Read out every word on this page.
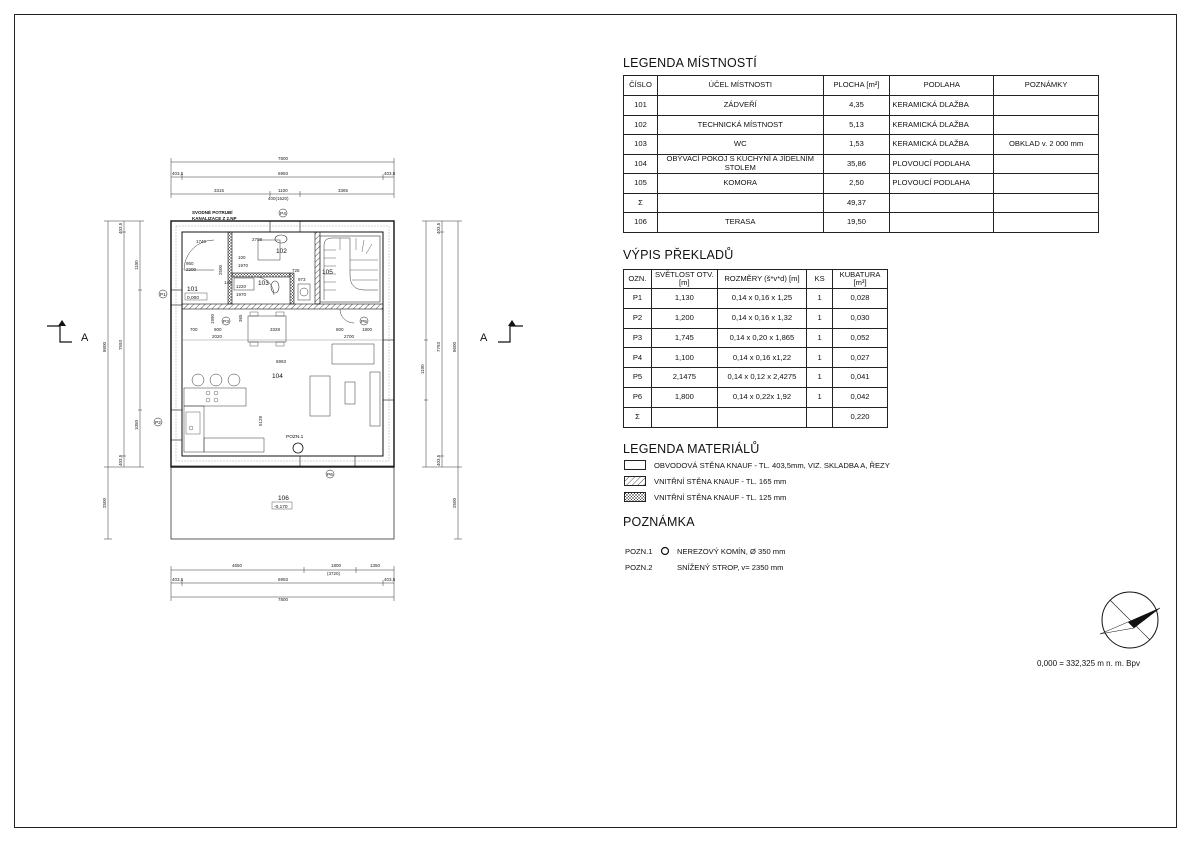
A	A
7800
403,5	6993	403,5
3315	1100	3365
400(1520)
4650	1800	1350
403,5	6993	403,5
7800
(3720)
8600
403,5
1100
7593
1050
403,5
2500
403,5
8600
1100
7793
403,5
2500
950
2200
1740	2798
100
1970
2500
140
1220
1970
725
973
700	900
2020
3328	800
2700
6993
5128
1800
1990	365
101
102
103
104
105
106
0,000
-0,170
SVODNÉ POTRUBÍ
KANALIZACE Z 2.NP
POZN.1
P1
P2
P3
P4
P5
P6
LEGENDA MÍSTNOSTÍ
ČÍSLO	ÚČEL MÍSTNOSTI	PLOCHA [m²]	PODLAHA	POZNÁMKY
101	ZÁDVEŘÍ	4,35	KERAMICKÁ DLAŽBA	
102	TECHNICKÁ MÍSTNOST	5,13	KERAMICKÁ DLAŽBA	
103	WC	1,53	KERAMICKÁ DLAŽBA	OBKLAD v. 2 000 mm
104	OBÝVACÍ POKOJ S KUCHYNÍ A JÍDELNÍM STOLEM	35,86	PLOVOUCÍ PODLAHA	
105	KOMORA	2,50	PLOVOUCÍ PODLAHA	
Σ		49,37		
106	TERASA	19,50		
VÝPIS PŘEKLADŮ
OZN.	SVĚTLOST OTV. [m]	ROZMĚRY (š*v*d) [m]	KS	KUBATURA [m³]
P1	1,130	0,14 x 0,16 x 1,25	1	0,028
P2	1,200	0,14 x 0,16 x 1,32	1	0,030
P3	1,745	0,14 x 0,20 x 1,865	1	0,052
P4	1,100	0,14 x 0,16 x1,22	1	0,027
P5	2,1475	0,14 x 0,12 x 2,4275	1	0,041
P6	1,800	0,14 x 0,22x 1,92	1	0,042
Σ				0,220
LEGENDA MATERIÁLŮ
OBVODOVÁ STĚNA KNAUF - TL. 403,5mm, VIZ. SKLADBA A, ŘEZY
VNITŘNÍ STĚNA KNAUF - TL. 165 mm
VNITŘNÍ STĚNA KNAUF - TL. 125 mm
POZNÁMKA
POZN.1	NEREZOVÝ KOMÍN, Ø 350 mm
POZN.2	SNÍŽENÝ STROP, v= 2350 mm
0,000 = 332,325 m n. m. Bpv
